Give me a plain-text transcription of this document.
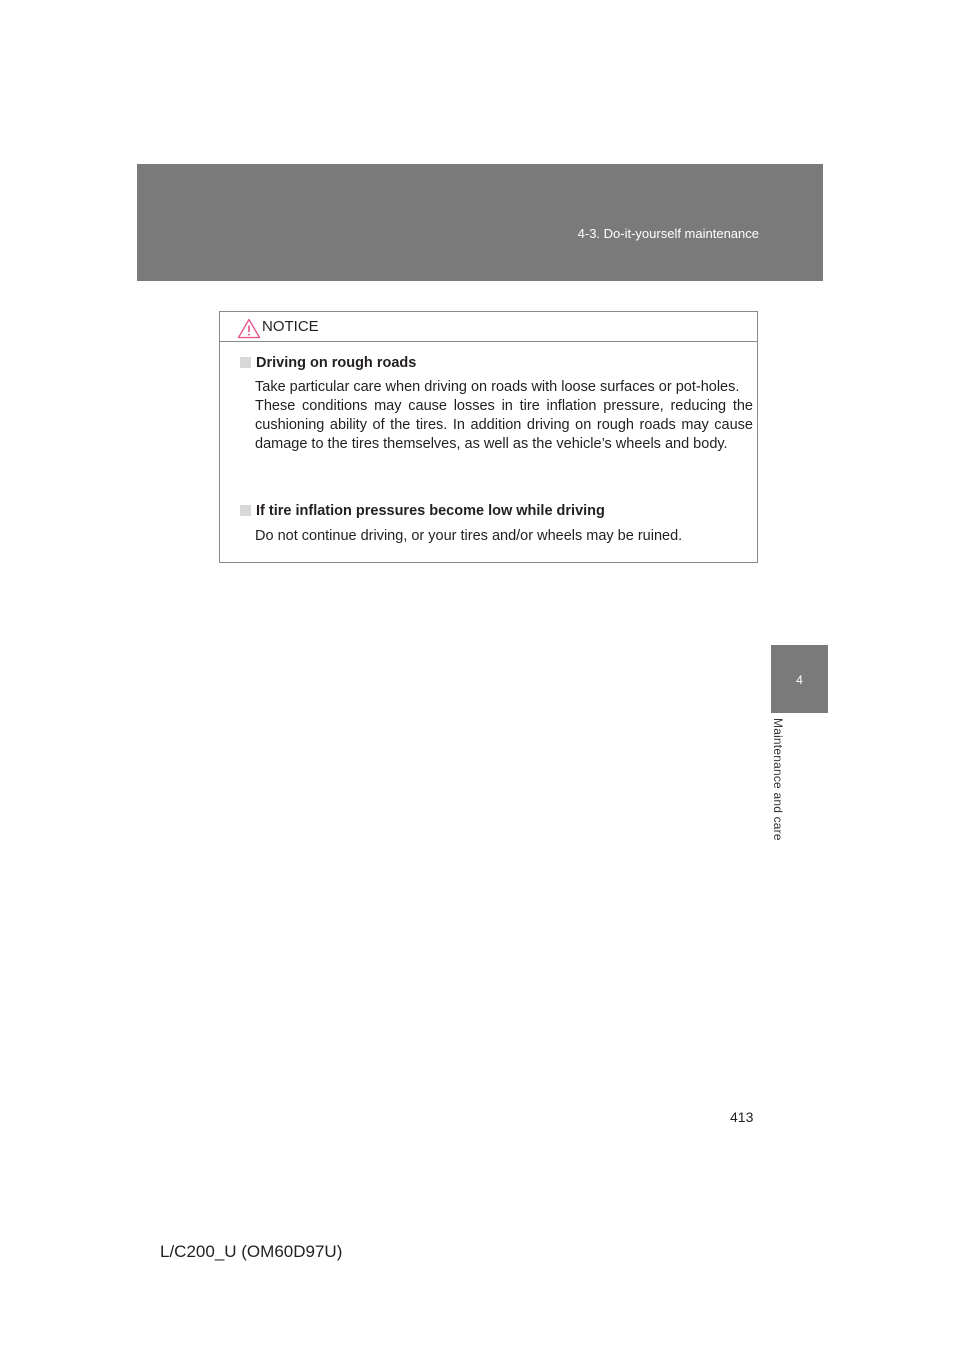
4-3. Do-it-yourself maintenance
4
Maintenance and care
NOTICE
Driving on rough roads

Take particular care when driving on roads with loose surfaces or pot-holes.

These conditions may cause losses in tire inflation pressure, reducing the cushioning ability of the tires. In addition driving on rough roads may cause damage to the tires themselves, as well as the vehicle’s wheels and body.

If tire inflation pressures become low while driving

Do not continue driving, or your tires and/or wheels may be ruined.

413
L/C200_U (OM60D97U)
